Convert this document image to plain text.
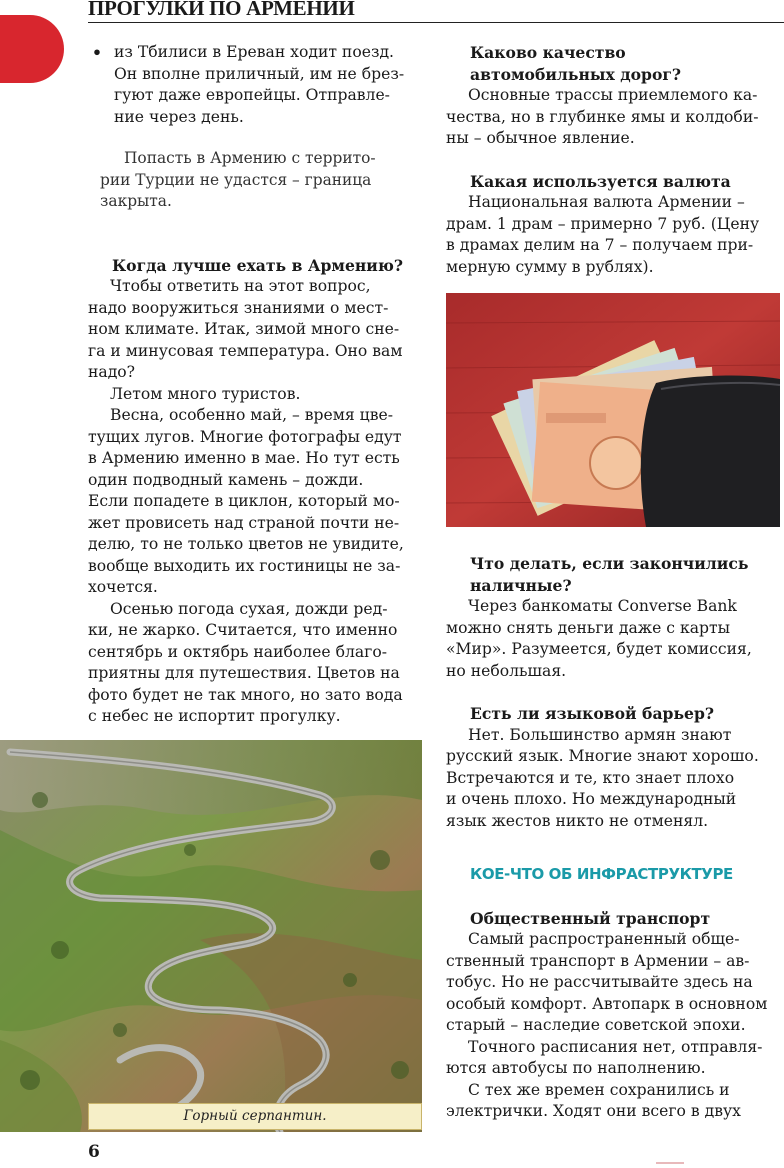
ПРОГУЛКИ ПО АРМЕНИИ
• из Тбилиси в Ереван ходит поезд.
Он вполне приличный, им не брез-
гуют даже европейцы. Отправле-
ние через день.

Попасть в Армению с террито-
рии Турции не удастся – граница
закрыта.

Когда лучше ехать в Армению?

Чтобы ответить на этот вопрос,
надо вооружиться знаниями о мест-
ном климате. Итак, зимой много сне-
га и минусовая температура. Оно вам
надо?

Летом много туристов.

Весна, особенно май, – время цве-
тущих лугов. Многие фотографы едут
в Армению именно в мае. Но тут есть
один подводный камень – дожди.
Если попадете в циклон, который мо-
жет провисеть над страной почти не-
делю, то не только цветов не увидите,
вообще выходить их гостиницы не за-
хочется.

Осенью погода сухая, дожди ред-
ки, не жарко. Считается, что именно
сентябрь и октябрь наиболее благо-
приятны для путешествия. Цветов на
фото будет не так много, но зато вода
с небес не испортит прогулку.

Горный серпантин.
Каково качество
автомобильных дорог?

Основные трассы приемлемого ка-
чества, но в глубинке ямы и колдоби-
ны – обычное явление.

Какая используется валюта

Национальная валюта Армении –
драм. 1 драм – примерно 7 руб. (Цену
в драмах делим на 7 – получаем при-
мерную сумму в рублях).

Что делать, если закончились
наличные?

Через банкоматы Converse Bank
можно снять деньги даже с карты
«Мир». Разумеется, будет комиссия,
но небольшая.

Есть ли языковой барьер?

Нет. Большинство армян знают
русский язык. Многие знают хорошо.
Встречаются и те, кто знает плохо
и очень плохо. Но международный
язык жестов никто не отменял.

КОЕ-ЧТО ОБ ИНФРАСТРУКТУРЕ
Общественный транспорт

Самый распространенный обще-
ственный транспорт в Армении – ав-
тобус. Но не рассчитывайте здесь на
особый комфорт. Автопарк в основном
старый – наследие советской эпохи.

Точного расписания нет, отправля-
ются автобусы по наполнению.

С тех же времен сохранились и
электрички. Ходят они всего в двух

6
